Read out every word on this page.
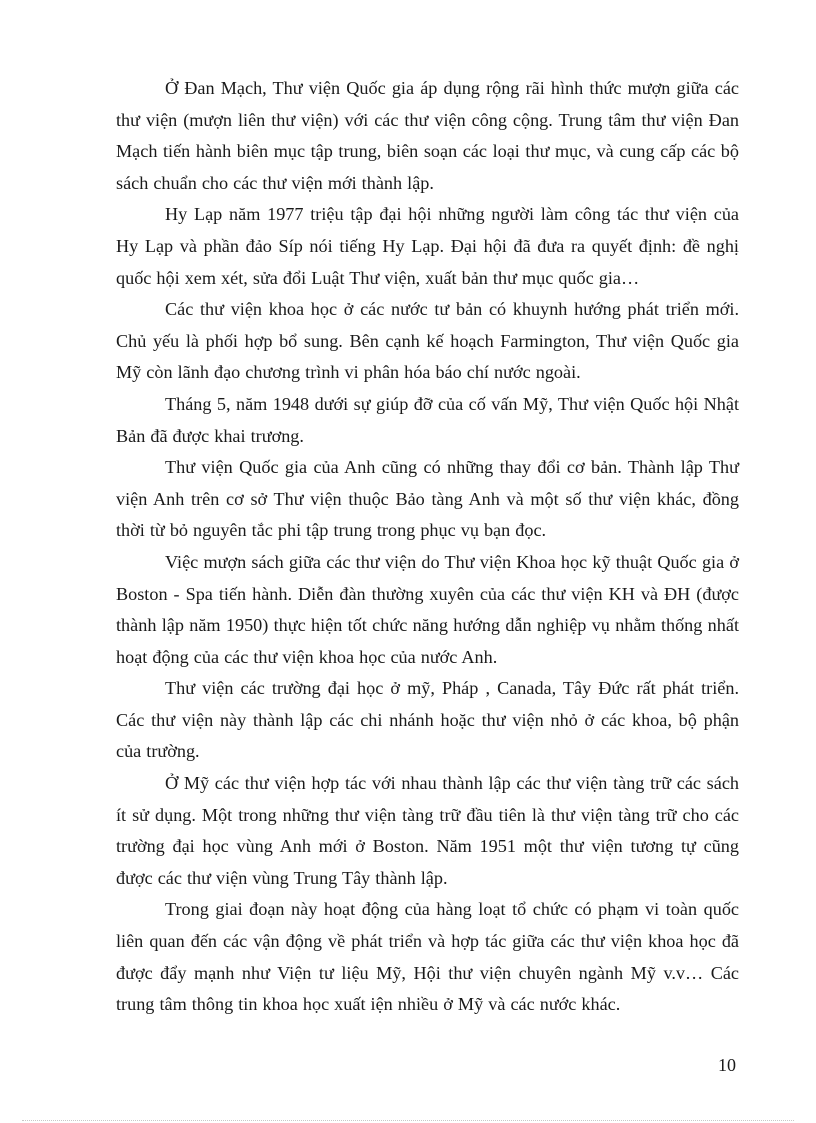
Ở Đan Mạch, Thư viện Quốc gia áp dụng rộng rãi hình thức mượn giữa các thư viện (mượn liên thư viện) với các thư viện công cộng. Trung tâm thư viện Đan Mạch tiến hành biên mục tập trung, biên soạn các loại thư mục, và cung cấp các bộ sách chuẩn cho các thư viện mới thành lập.

Hy Lạp năm 1977 triệu tập đại hội những người làm công tác thư viện của Hy Lạp và phần đảo Síp nói tiếng Hy Lạp. Đại hội đã đưa ra quyết định: đề nghị quốc hội xem xét, sửa đổi Luật Thư viện, xuất bản thư mục quốc gia…

Các thư viện khoa học ở các nước tư bản có khuynh hướng phát triển mới. Chủ yếu là phối hợp bổ sung. Bên cạnh kế hoạch Farmington, Thư viện Quốc gia Mỹ còn lãnh đạo chương trình vi phân hóa báo chí nước ngoài.

Tháng 5, năm 1948 dưới sự giúp đỡ của cố vấn Mỹ, Thư viện Quốc hội Nhật Bản đã được khai trương.

Thư viện Quốc gia của Anh cũng có những thay đổi cơ bản. Thành lập Thư viện Anh trên cơ sở Thư viện thuộc Bảo tàng Anh và một số thư viện khác, đồng thời từ bỏ nguyên tắc phi tập trung trong phục vụ bạn đọc.

Việc mượn sách giữa các thư viện do Thư viện Khoa học kỹ thuật Quốc gia ở Boston - Spa tiến hành. Diễn đàn thường xuyên của các thư viện KH và ĐH (được thành lập năm 1950) thực hiện tốt chức năng hướng dẫn nghiệp vụ nhằm thống nhất hoạt động của các thư viện khoa học của nước Anh.

Thư viện các trường đại học ở mỹ, Pháp , Canada, Tây Đức rất phát triển. Các thư viện này thành lập các chi nhánh hoặc thư viện nhỏ ở các khoa, bộ phận của trường.

Ở Mỹ các thư viện hợp tác với nhau thành lập các thư viện tàng trữ các sách ít sử dụng. Một trong những thư viện tàng trữ đầu tiên là thư viện tàng trữ cho các trường đại học vùng Anh mới ở Boston. Năm 1951 một thư viện tương tự cũng được các thư viện vùng Trung Tây thành lập.

Trong giai đoạn này hoạt động của hàng loạt tổ chức có phạm vi toàn quốc liên quan đến các vận động về phát triển và hợp tác giữa các thư viện khoa học đã được đẩy mạnh như Viện tư liệu Mỹ, Hội thư viện chuyên ngành Mỹ v.v… Các trung tâm thông tin khoa học xuất iện nhiều ở Mỹ và các nước khác.

10
